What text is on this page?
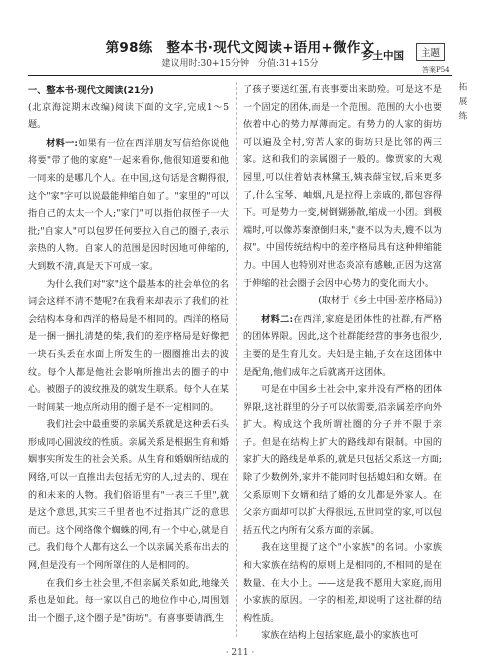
第98练　整本书·现代文阅读+语用+微作文
建议用时:30+15分钟　分值:31+15分
乡土中国	主题
答案P54

一、整本书·现代文阅读(21分)

(北京海淀期末改编)阅读下面的文字,完成1～5题。

材料一:如果有一位在西洋朋友写信给你说他将要"带了他的家庭"一起来看你,他很知道要和他一同来的是哪几个人。在中国,这句话是含糊得很,这个"家"字可以说最能伸缩自如了。"家里的"可以指自己的太太一个人;"家门"可以指伯叔侄子一大批;"自家人"可以包罗任何要拉入自己的圈子,表示亲热的人物。自家人的范围是因时因地可伸缩的,大到数不清,真是天下可成一家。

为什么我们对"家"这个最基本的社会单位的名词会这样不清不楚呢?在我看来却表示了我们的社会结构本身和西洋的格局是不相同的。西洋的格局是一捆一捆扎清楚的柴,我们的差序格局是好像把一块石头丢在水面上所发生的一圈圈推出去的波纹。每个人都是他社会影响所推出去的圈子的中心。被圈子的波纹推及的就发生联系。每个人在某一时间某一地点所动用的圈子是不一定相同的。

我们社会中最重要的亲属关系就是这种丢石头形成同心圆波纹的性质。亲属关系是根据生育和婚姻事实所发生的社会关系。从生育和婚姻所结成的网络,可以一直推出去包括无穷的人,过去的、现在的和未来的人物。我们俗语里有"一表三千里",就是这个意思,其实三千里者也不过指其广泛的意思而已。这个网络像个蜘蛛的网,有一个中心,就是自己。我们每个人都有这么一个以亲属关系布出去的网,但是没有一个网所罩住的人是相同的。

在我们乡土社会里,不但亲属关系如此,地缘关系也是如此。每一家以自己的地位作中心,周围划出一个圈子,这个圈子是"街坊"。有喜事要请酒,生

了孩子要送红蛋,有丧事要出来助殓。可是这不是一个固定的团体,而是一个范围。范围的大小也要依着中心的势力厚薄而定。有势力的人家的街坊可以遍及全村,穷苦人家的街坊只是比邻的两三家。这和我们的亲属圈子一般的。像贾家的大观园里,可以住着姑表林黛玉,姨表薛宝钗,后来更多了,什么宝琴、岫烟,凡是拉得上亲戚的,都包容得下。可是势力一变,树倒猢狲散,缩成一小团。到极端时,可以像苏秦潦倒归来,"妻不以为夫,嫂不以为叔"。中国传统结构中的差序格局具有这种伸缩能力。中国人也特别对世态炎凉有感触,正因为这富于伸缩的社会圈子会因中心势力的变化而大小。

(取材于《乡土中国·差序格局》)

材料二:在西洋,家庭是团体性的社群,有严格的团体界限。因此,这个社群能经营的事务也很少,主要的是生育儿女。夫妇是主轴,子女在这团体中是配角,他们成年之后就离开这团体。

可是在中国乡土社会中,家并没有严格的团体界限,这社群里的分子可以依需要,沿亲属差序向外扩大。构成这个我所谓社圈的分子并不限于亲子。但是在结构上扩大的路线却有限制。中国的家扩大的路线是单系的,就是只包括父系这一方面;除了少数例外,家并不能同时包括媳妇和女婿。在父系原则下女婿和结了婚的女儿都是外家人。在父亲方面却可以扩大得很远,五世同堂的家,可以包括五代之内所有父系方面的亲属。

我在这里提了这个"小家族"的名词。小家族和大家族在结构的原则上是相同的,不相同的是在数量、在大小上。——这是我不愿用大家庭,而用小家族的原因。一字的相差,却说明了这社群的结构性质。

家族在结构上包括家庭,最小的家族也可

拓展练
· 211 ·
